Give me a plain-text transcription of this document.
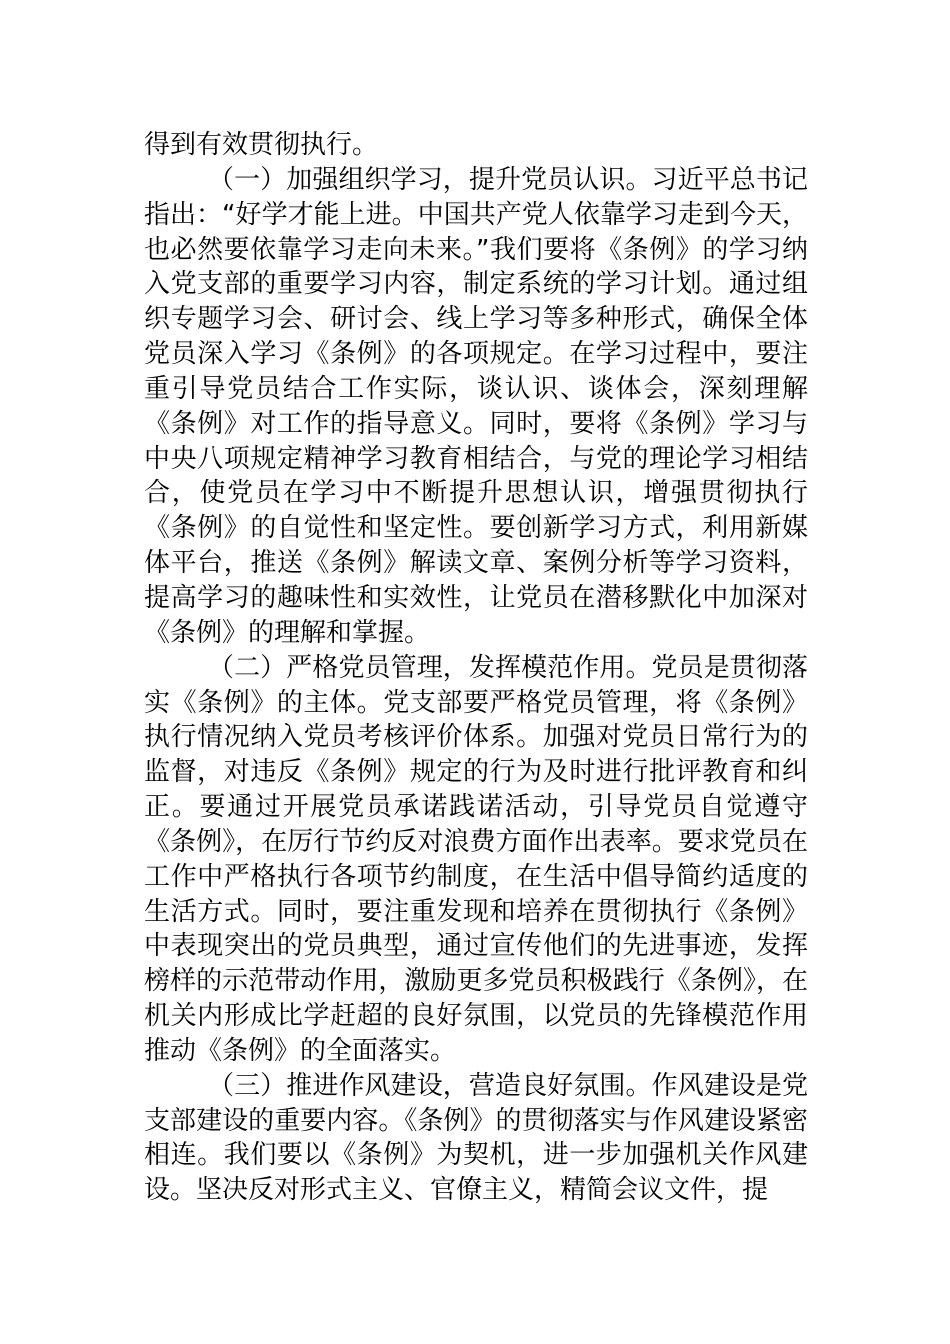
得到有效贯彻执行。

（一）加强组织学习，提升党员认识。习近平总书记指出：“好学才能上进。中国共产党人依靠学习走到今天，也必然要依靠学习走向未来。”我们要将《条例》的学习纳入党支部的重要学习内容，制定系统的学习计划。通过组织专题学习会、研讨会、线上学习等多种形式，确保全体党员深入学习《条例》的各项规定。在学习过程中，要注重引导党员结合工作实际，谈认识、谈体会，深刻理解《条例》对工作的指导意义。同时，要将《条例》学习与中央八项规定精神学习教育相结合，与党的理论学习相结合，使党员在学习中不断提升思想认识，增强贯彻执行《条例》的自觉性和坚定性。要创新学习方式，利用新媒体平台，推送《条例》解读文章、案例分析等学习资料，提高学习的趣味性和实效性，让党员在潜移默化中加深对《条例》的理解和掌握。

（二）严格党员管理，发挥模范作用。党员是贯彻落实《条例》的主体。党支部要严格党员管理，将《条例》执行情况纳入党员考核评价体系。加强对党员日常行为的监督，对违反《条例》规定的行为及时进行批评教育和纠正。要通过开展党员承诺践诺活动，引导党员自觉遵守《条例》，在厉行节约反对浪费方面作出表率。要求党员在工作中严格执行各项节约制度，在生活中倡导简约适度的生活方式。同时，要注重发现和培养在贯彻执行《条例》中表现突出的党员典型，通过宣传他们的先进事迹，发挥榜样的示范带动作用，激励更多党员积极践行《条例》，在机关内形成比学赶超的良好氛围，以党员的先锋模范作用推动《条例》的全面落实。

（三）推进作风建设，营造良好氛围。作风建设是党支部建设的重要内容。《条例》的贯彻落实与作风建设紧密相连。我们要以《条例》为契机，进一步加强机关作风建设。坚决反对形式主义、官僚主义，精简会议文件，提
